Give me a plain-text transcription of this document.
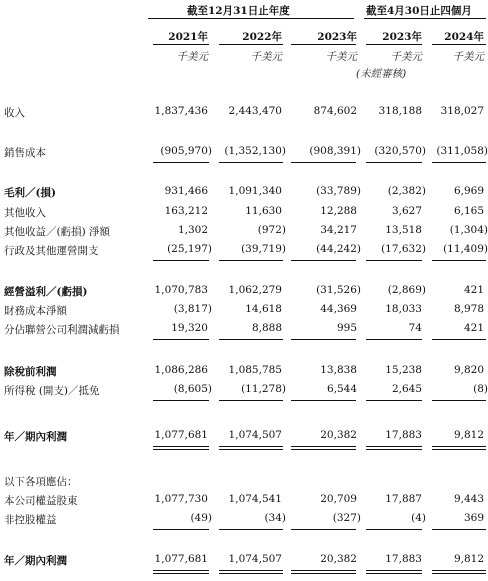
截至12月31日止年度	截至4月30日止四個月
2021年	2022年	2023年 2023年 2024年
千美元	千美元	千美元	千美元	千美元
(未經審核)
收入	1,837,436 2,443,470	874,602 318,188 318,027
銷售成本	(905,970) (1,352,130) (908,391) (320,570) (311,058)
毛利／(損)	931,466 1,091,340	(33,789)	(2,382)	6,969
其他收入	163,212	11,630	12,288	3,627	6,165
其他收益／(虧損) 淨額	1,302	(972)	34,217	13,518	(1,304)
行政及其他運營開支	(25,197)	(39,719)	(44,242) (17,632) (11,409)
經營溢利／(虧損)	1,070,783 1,062,279	(31,526)	(2,869)	421
財務成本淨額	(3,817)	14,618	44,369	18,033	8,978
分佔聯營公司利潤減虧損	19,320	8,888	995	74	421
除稅前利潤	1,086,286 1,085,785	13,838	15,238	9,820
所得稅 (開支)／抵免	(8,605)	(11,278)	6,544	2,645	(8)
年／期內利潤	1,077,681 1,074,507	20,382	17,883	9,812
以下各項應佔：
本公司權益股東	1,077,730 1,074,541	20,709	17,887	9,443
非控股權益	(49)	(34)	(327)	(4)	369
年／期內利潤	1,077,681 1,074,507	20,382	17,883	9,812
